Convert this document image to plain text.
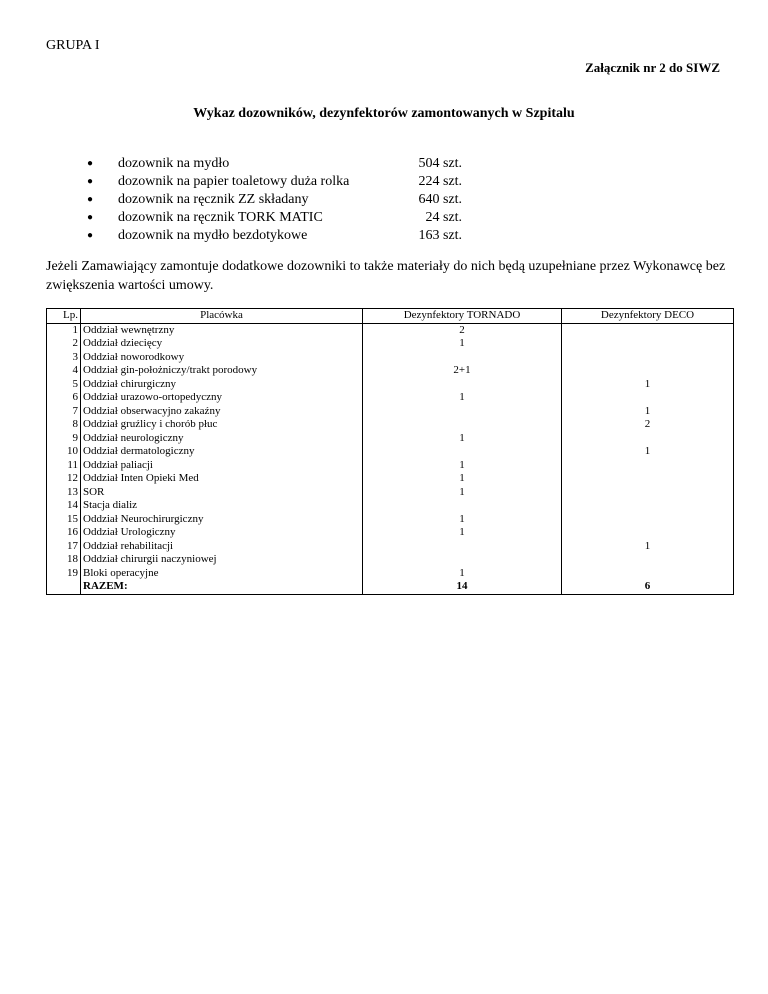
GRUPA I
Załącznik nr 2 do SIWZ
Wykaz dozowników, dezynfektorów zamontowanych w Szpitalu
● dozownik na mydło	504 szt.
● dozownik na papier toaletowy duża rolka	224 szt.
● dozownik na ręcznik ZZ składany	640 szt.
● dozownik na ręcznik TORK MATIC	24 szt.
● dozownik na mydło bezdotykowe	163 szt.
Jeżeli Zamawiający zamontuje dodatkowe dozowniki to także materiały do nich będą uzupełniane przez Wykonawcę bez zwiększenia wartości umowy.
Lp.	Placówka	Dezynfektory TORNADO	Dezynfektory DECO
1	Oddział wewnętrzny	2	
2	Oddział dziecięcy	1	
3	Oddział noworodkowy		
4	Oddział gin-położniczy/trakt porodowy	2+1	
5	Oddział chirurgiczny		1
6	Oddział urazowo-ortopedyczny	1	
7	Oddział obserwacyjno zakaźny		1
8	Oddział gruźlicy i chorób płuc		2
9	Oddział neurologiczny	1	
10	Oddział dermatologiczny		1
11	Oddział paliacji	1	
12	Oddział Inten Opieki Med	1	
13	SOR	1	
14	Stacja dializ		
15	Oddział Neurochirurgiczny	1	
16	Oddział Urologiczny	1	
17	Oddział rehabilitacji		1
18	Oddział chirurgii naczyniowej		
19	Bloki operacyjne	1	
	RAZEM:	14	6
